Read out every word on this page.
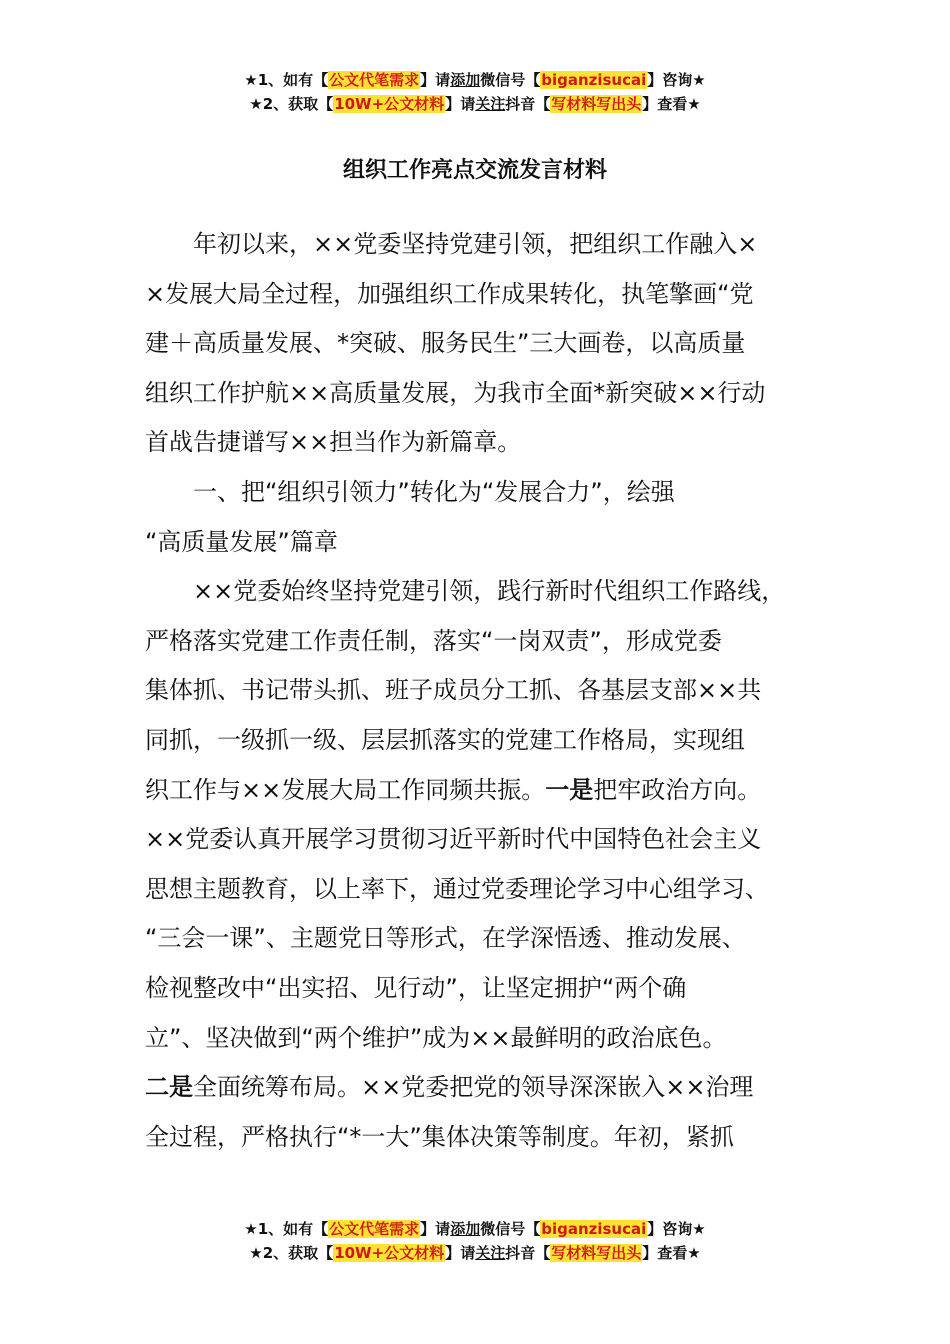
★1、如有【公文代笔需求】请添加微信号【biganzisucai】咨询★
★2、获取【10W+公文材料】请关注抖音【写材料写出头】查看★
组织工作亮点交流发言材料
　　年初以来，××党委坚持党建引领，把组织工作融入×
×发展大局全过程，加强组织工作成果转化，执笔擎画“党
建＋高质量发展、*突破、服务民生”三大画卷，以高质量
组织工作护航××高质量发展，为我市全面*新突破××行动
首战告捷谱写××担当作为新篇章。
　　一、把“组织引领力”转化为“发展合力”，绘强
“高质量发展”篇章
　　××党委始终坚持党建引领，践行新时代组织工作路线，
严格落实党建工作责任制，落实“一岗双责”，形成党委
集体抓、书记带头抓、班子成员分工抓、各基层支部××共
同抓，一级抓一级、层层抓落实的党建工作格局，实现组
织工作与××发展大局工作同频共振。一是把牢政治方向。
××党委认真开展学习贯彻习近平新时代中国特色社会主义
思想主题教育，以上率下，通过党委理论学习中心组学习、
“三会一课”、主题党日等形式，在学深悟透、推动发展、
检视整改中“出实招、见行动”，让坚定拥护“两个确
立”、坚决做到“两个维护”成为××最鲜明的政治底色。
二是全面统筹布局。××党委把党的领导深深嵌入××治理
全过程，严格执行“*一大”集体决策等制度。年初，紧抓
★1、如有【公文代笔需求】请添加微信号【biganzisucai】咨询★
★2、获取【10W+公文材料】请关注抖音【写材料写出头】查看★
